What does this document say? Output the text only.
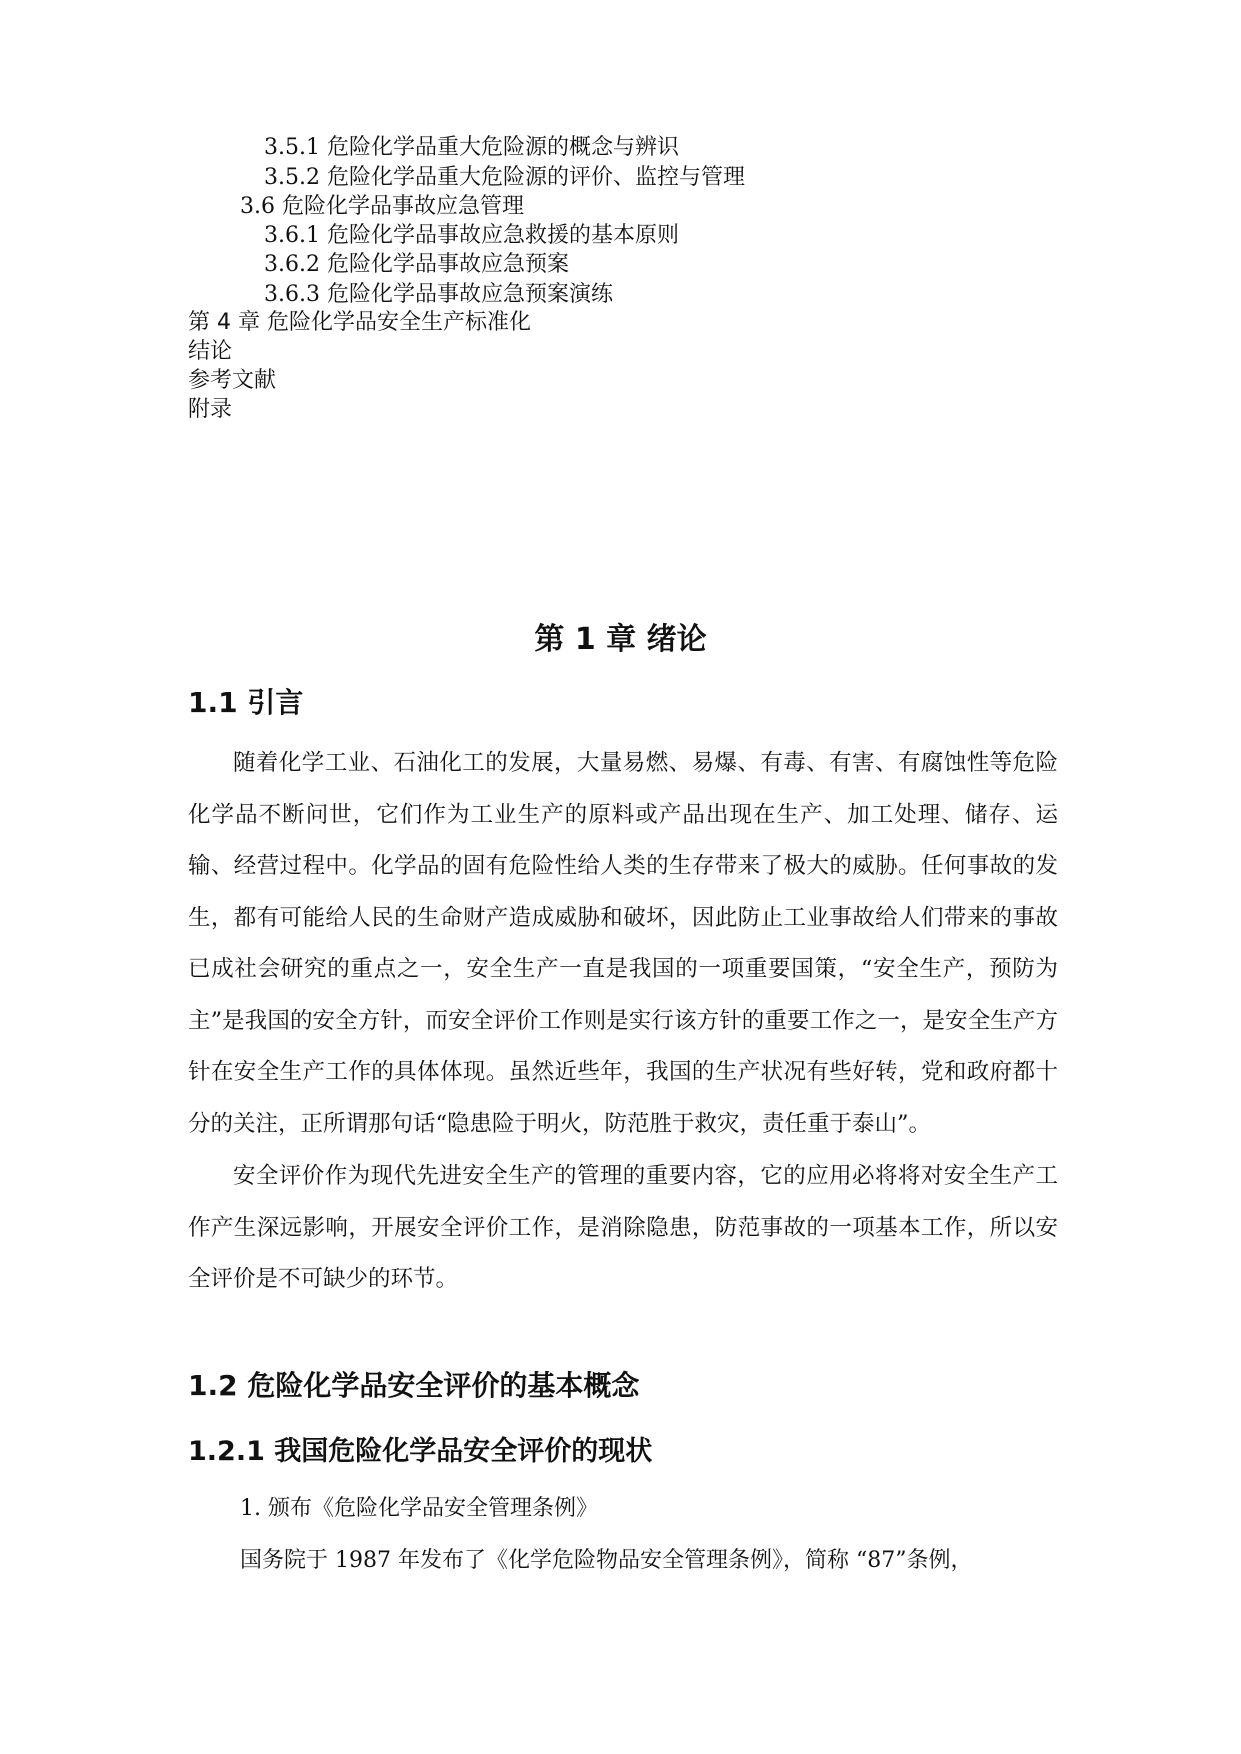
3.5.1 危险化学品重大危险源的概念与辨识
3.5.2 危险化学品重大危险源的评价、监控与管理
3.6 危险化学品事故应急管理
3.6.1 危险化学品事故应急救援的基本原则
3.6.2 危险化学品事故应急预案
3.6.3 危险化学品事故应急预案演练
第 4 章 危险化学品安全生产标准化
结论
参考文献
附录
第 1 章 绪论
1.1 引言

随着化学工业、石油化工的发展，大量易燃、易爆、有毒、有害、有腐蚀性等危险化学品不断问世，它们作为工业生产的原料或产品出现在生产、加工处理、储存、运输、经营过程中。化学品的固有危险性给人类的生存带来了极大的威胁。任何事故的发生，都有可能给人民的生命财产造成威胁和破坏，因此防止工业事故给人们带来的事故已成社会研究的重点之一，安全生产一直是我国的一项重要国策，“安全生产，预防为主”是我国的安全方针，而安全评价工作则是实行该方针的重要工作之一，是安全生产方针在安全生产工作的具体体现。虽然近些年，我国的生产状况有些好转，党和政府都十分的关注，正所谓那句话“隐患险于明火，防范胜于救灾，责任重于泰山”。

安全评价作为现代先进安全生产的管理的重要内容，它的应用必将将对安全生产工作产生深远影响，开展安全评价工作，是消除隐患，防范事故的一项基本工作，所以安全评价是不可缺少的环节。

1.2 危险化学品安全评价的基本概念
1.2.1 我国危险化学品安全评价的现状
1. 颁布《危险化学品安全管理条例》
国务院于 1987 年发布了《化学危险物品安全管理条例》，简称 “87”条例，
